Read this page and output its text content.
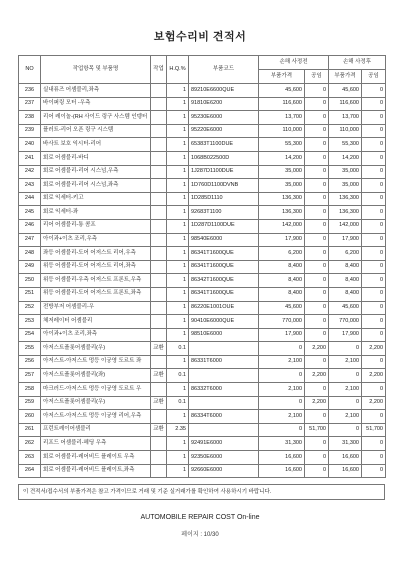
보험수리비 견적서
NO	작업항목 및 부품명	작업	H.Q.%	부품코드	손해 사정전		손해 사정후	
					부품가격	공임	부품가격	공임
236	실내퓨즈 어셈블리,좌측		1	89210E6600QUE	45,600	0	45,600	0
237	바이퍼링 모터 -우측		1	91810E6200	116,600	0	116,600	0
238	리어 레이놀-(RH 사이드 링구 사스템 인뎅터		1	95230E6000	13,700	0	13,700	0
239	플러트-리어 오픈 링구 시스템		1	95220E6000	110,000	0	110,000	0
240	바사트 보호 익시터-리어		1	65383T1100DUE	55,300	0	55,300	0
241	회로 어셈블리-바디		1	1068B022500D	14,200	0	14,200	0
242	회로 어셈블리-리어 시스넘,우측		1	1J287D1100DUE	35,000	0	35,000	0
243	회로 어셈블리-리어 시스넘,좌측		1	1D760D1100DVNB	35,000	0	35,000	0
244	회로 익세터-키고		1	1D285D1110	136,300	0	136,300	0
245	회로 익세터-좌		1	92683T1100	136,300	0	136,300	0
246	리어 어셈블리-통 콤프		1	1D287D1100DUE	142,000	0	142,000	0
247	아이과+이츠 조리,우측		1	98540E6000	17,900	0	17,900	0
248	좌등 어셈블리-도어 어저스트 리어,우측		1	86341T1600QUE	6,200	0	6,200	0
249	위등 어셈블리-도어 어저스트 리어,좌측		1	86341T1600QUE	8,400	0	8,400	0
250	위등 어셈블리-우측 어저스트 프론트,우측		1	86342T1600QUE	8,400	0	8,400	0
251	위등 어셈블리-도어 어저스트 프론트,좌측		1	86341T1600QUE	8,400	0	8,400	0
252	전방부저 어셈블리-우		1	86220E1001OUE	45,600	0	45,600	0
253	체저레이터 어셈블리		1	90410E6000QUE	770,000	0	770,000	0
254	아이과+이츠 조리,좌측		1	98510E6000	17,900	0	17,900	0
255	아저스트플롯어셈블리(우)	교환	0.1		0	2,200	0	2,200
256	아저스트-아저스트 멍등 이궁영 도르트 좌		1	86331T6000	2,100	0	2,100	0
257	아저스트플롯어셈블리(좌)	교환	0.1		0	2,200	0	2,200
258	마크러드-아저스트 멍등 이궁영 도르트 우		1	86332T6000	2,100	0	2,100	0
259	아저스트플롯어셈블리(우)	교환	0.1		0	2,200	0	2,200
260	아저스트-아저스트 멍등 이궁영 리어,우측		1	86334T6000	2,100	0	2,100	0
261	프런트레이어셈블리	교환	2.35		0	51,700	0	51,700
262	리프드 어셈블리-헤딩 우측		1	92491E6000	31,300	0	31,300	0
263	회로 어셈블리-레어비드 플레이트 우측		1	92350E6000	16,600	0	16,600	0
264	회로 어셈블리-레어비드 플레이트,좌측		1	92660E6000	16,600	0	16,600	0
이 견적서/접수서의 부품가격은 참고 가격이므로 거래 및 기준 실거래가를 확인하여 사용하시기 바랍니다.
AUTOMOBILE REPAIR COST On-line
페이지 : 10/30
